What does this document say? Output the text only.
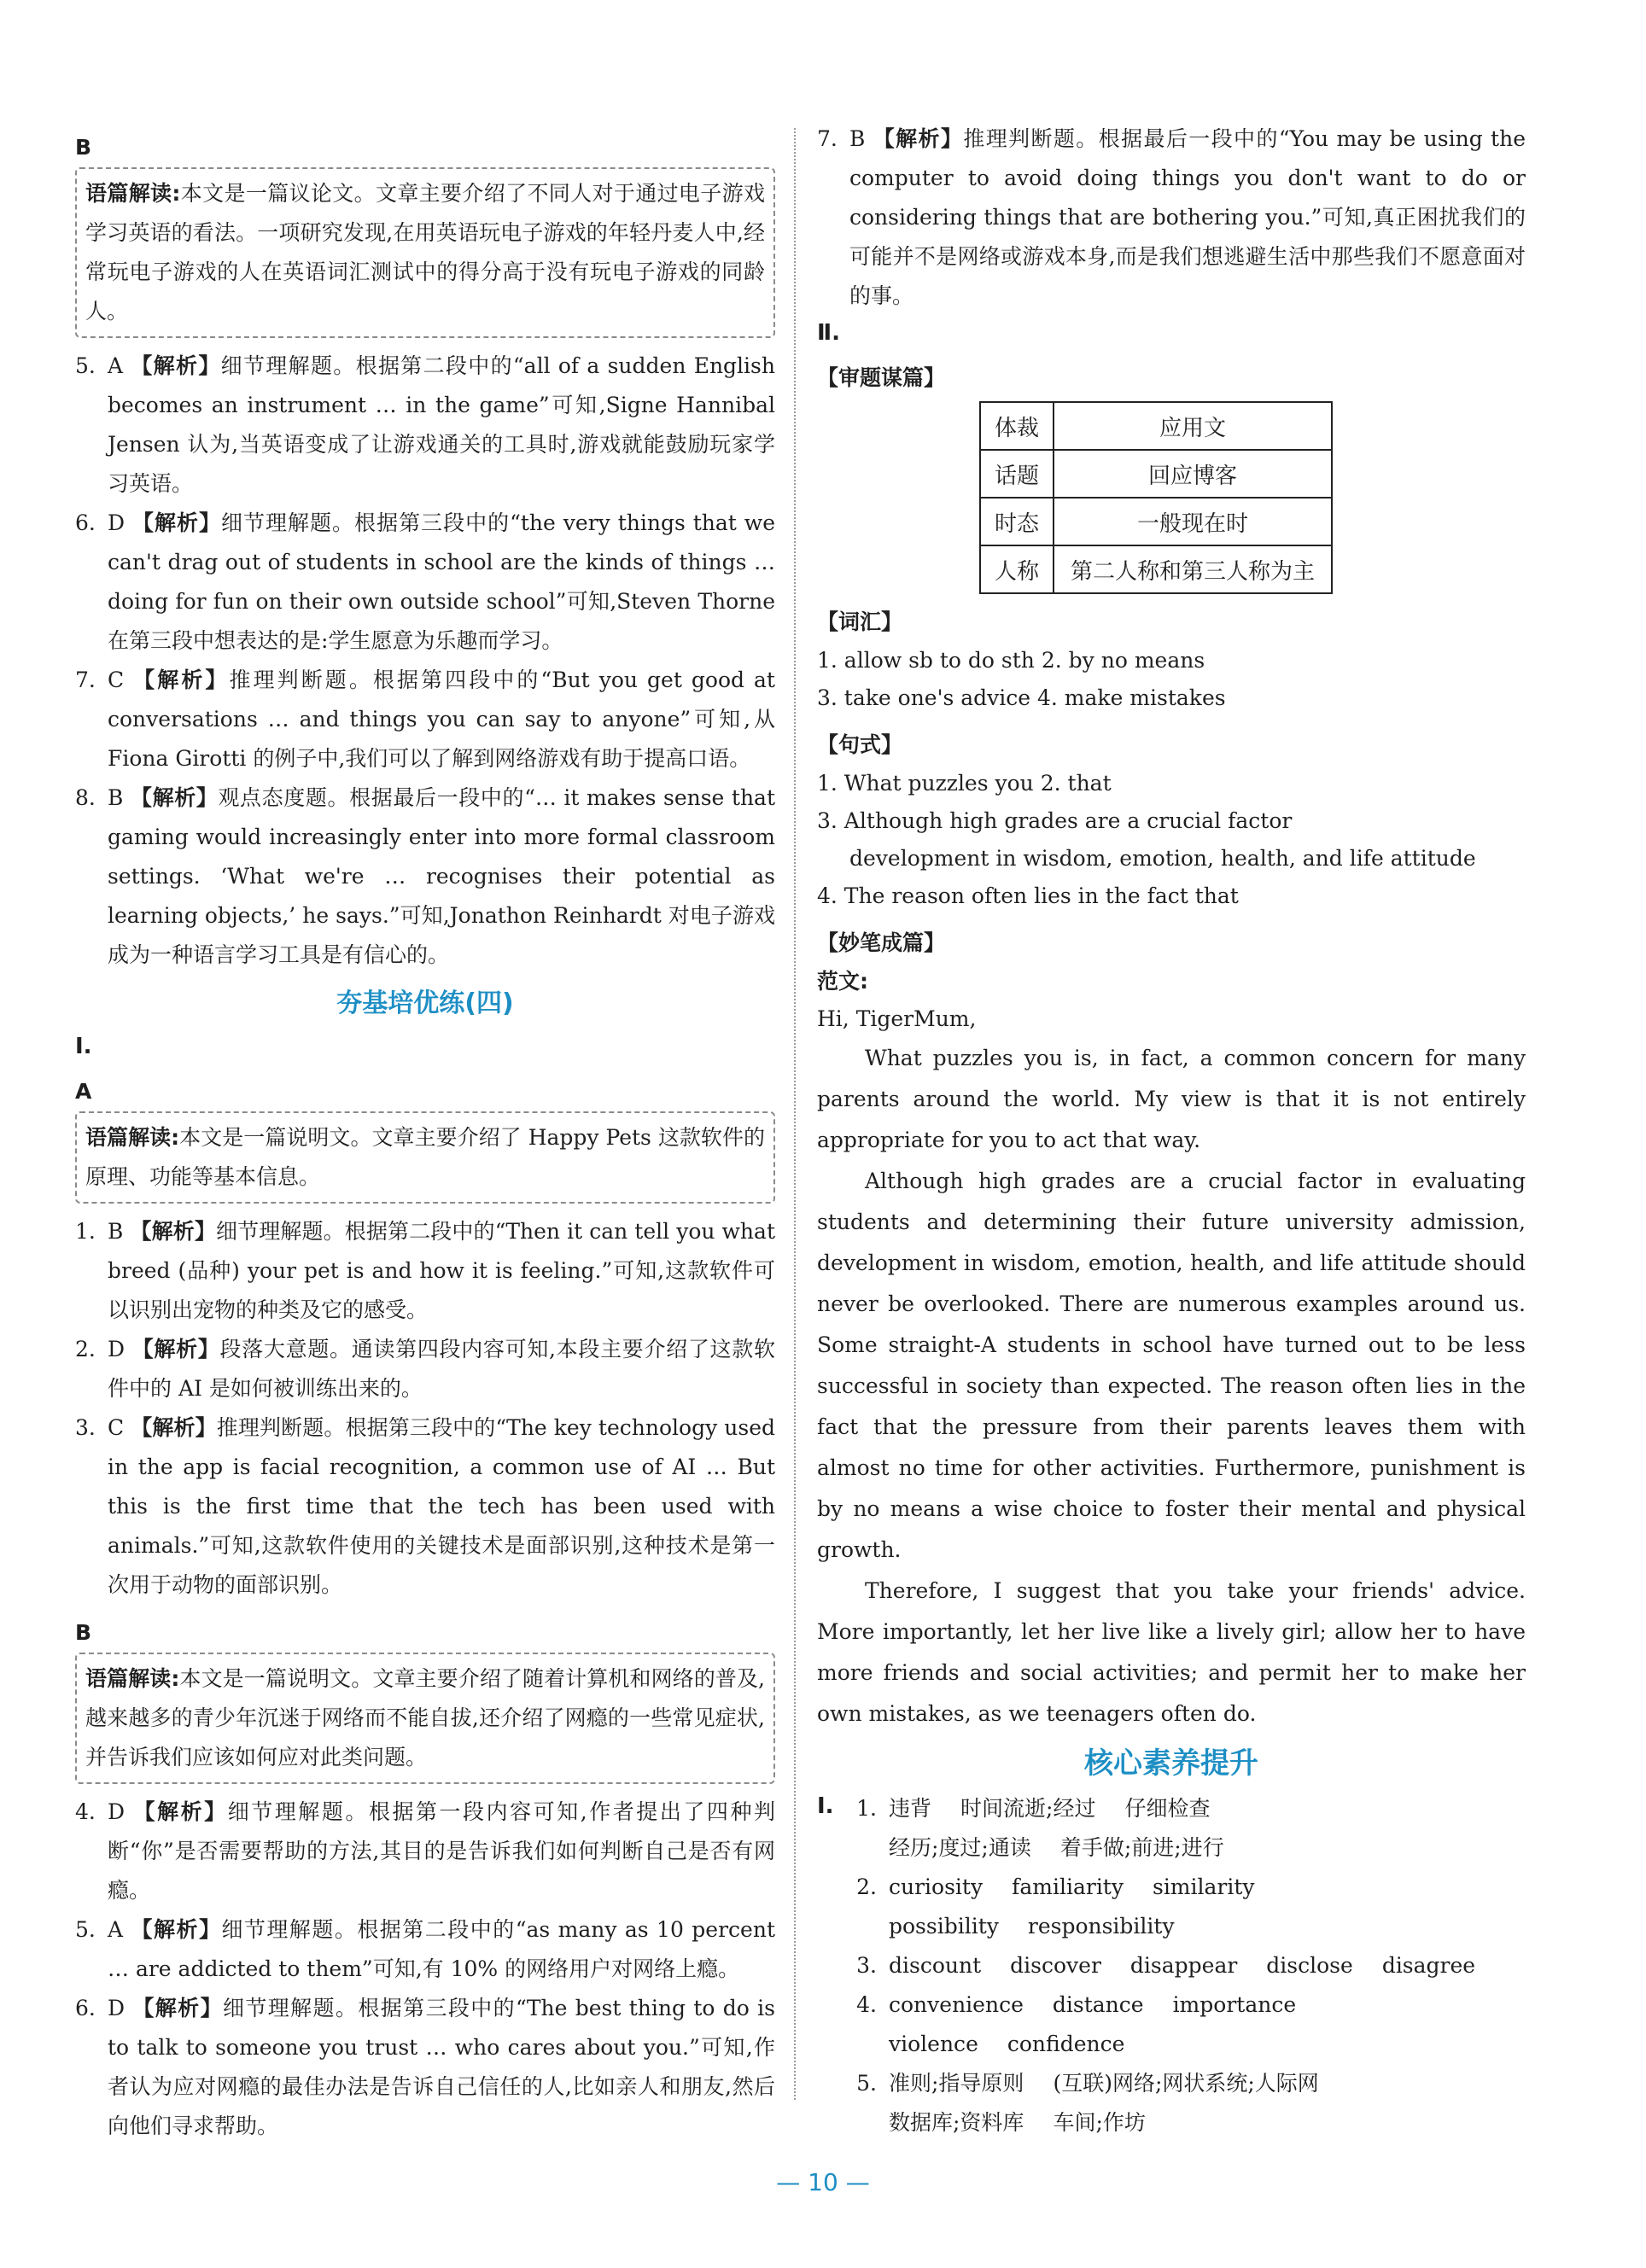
B
语篇解读:本文是一篇议论文。文章主要介绍了不同人对于通过电子游戏学习英语的看法。一项研究发现,在用英语玩电子游戏的年轻丹麦人中,经常玩电子游戏的人在英语词汇测试中的得分高于没有玩电子游戏的同龄人。
5. A 【解析】细节理解题。根据第二段中的“all of a sudden English becomes an instrument … in the game”可知,Signe Hannibal Jensen 认为,当英语变成了让游戏通关的工具时,游戏就能鼓励玩家学习英语。
6. D 【解析】细节理解题。根据第三段中的“the very things that we can't drag out of students in school are the kinds of things … doing for fun on their own outside school”可知,Steven Thorne 在第三段中想表达的是:学生愿意为乐趣而学习。
7. C 【解析】推理判断题。根据第四段中的“But you get good at conversations … and things you can say to anyone”可知,从 Fiona Girotti 的例子中,我们可以了解到网络游戏有助于提高口语。
8. B 【解析】观点态度题。根据最后一段中的“… it makes sense that gaming would increasingly enter into more formal classroom settings. ‘What we're … recognises their potential as learning objects,’ he says.”可知,Jonathon Reinhardt 对电子游戏成为一种语言学习工具是有信心的。
夯基培优练(四)
Ⅰ.
A
语篇解读:本文是一篇说明文。文章主要介绍了 Happy Pets 这款软件的原理、功能等基本信息。
1. B 【解析】细节理解题。根据第二段中的“Then it can tell you what breed (品种) your pet is and how it is feeling.”可知,这款软件可以识别出宠物的种类及它的感受。
2. D 【解析】段落大意题。通读第四段内容可知,本段主要介绍了这款软件中的 AI 是如何被训练出来的。
3. C 【解析】推理判断题。根据第三段中的“The key technology used in the app is facial recognition, a common use of AI … But this is the first time that the tech has been used with animals.”可知,这款软件使用的关键技术是面部识别,这种技术是第一次用于动物的面部识别。
B
语篇解读:本文是一篇说明文。文章主要介绍了随着计算机和网络的普及,越来越多的青少年沉迷于网络而不能自拔,还介绍了网瘾的一些常见症状,并告诉我们应该如何应对此类问题。
4. D 【解析】细节理解题。根据第一段内容可知,作者提出了四种判断“你”是否需要帮助的方法,其目的是告诉我们如何判断自己是否有网瘾。
5. A 【解析】细节理解题。根据第二段中的“as many as 10 percent … are addicted to them”可知,有 10% 的网络用户对网络上瘾。
6. D 【解析】细节理解题。根据第三段中的“The best thing to do is to talk to someone you trust … who cares about you.”可知,作者认为应对网瘾的最佳办法是告诉自己信任的人,比如亲人和朋友,然后向他们寻求帮助。
7. B 【解析】推理判断题。根据最后一段中的“You may be using the computer to avoid doing things you don't want to do or considering things that are bothering you.”可知,真正困扰我们的可能并不是网络或游戏本身,而是我们想逃避生活中那些我们不愿意面对的事。
Ⅱ.
【审题谋篇】
体裁	应用文
话题	回应博客
时态	一般现在时
人称	第二人称和第三人称为主
【词汇】
1. allow sb to do sth 2. by no means
3. take one's advice 4. make mistakes
【句式】
1. What puzzles you 2. that
3. Although high grades are a crucial factor
development in wisdom, emotion, health, and life attitude
4. The reason often lies in the fact that
【妙笔成篇】
范文:
Hi, TigerMum,
What puzzles you is, in fact, a common concern for many parents around the world. My view is that it is not entirely appropriate for you to act that way.
Although high grades are a crucial factor in evaluating students and determining their future university admission, development in wisdom, emotion, health, and life attitude should never be overlooked. There are numerous examples around us. Some straight-A students in school have turned out to be less successful in society than expected. The reason often lies in the fact that the pressure from their parents leaves them with almost no time for other activities. Furthermore, punishment is by no means a wise choice to foster their mental and physical growth.
Therefore, I suggest that you take your friends' advice. More importantly, let her live like a lively girl; allow her to have more friends and social activities; and permit her to make her own mistakes, as we teenagers often do.
核心素养提升
Ⅰ.	1. 违背 时间流逝;经过 仔细检查
经历;度过;通读 着手做;前进;进行
2. curiosity familiarity similarity
possibility responsibility
3. discount discover disappear disclose disagree
4. convenience distance importance
violence confidence
5. 准则;指导原则 (互联)网络;网状系统;人际网
数据库;资料库 车间;作坊
— 10 —
